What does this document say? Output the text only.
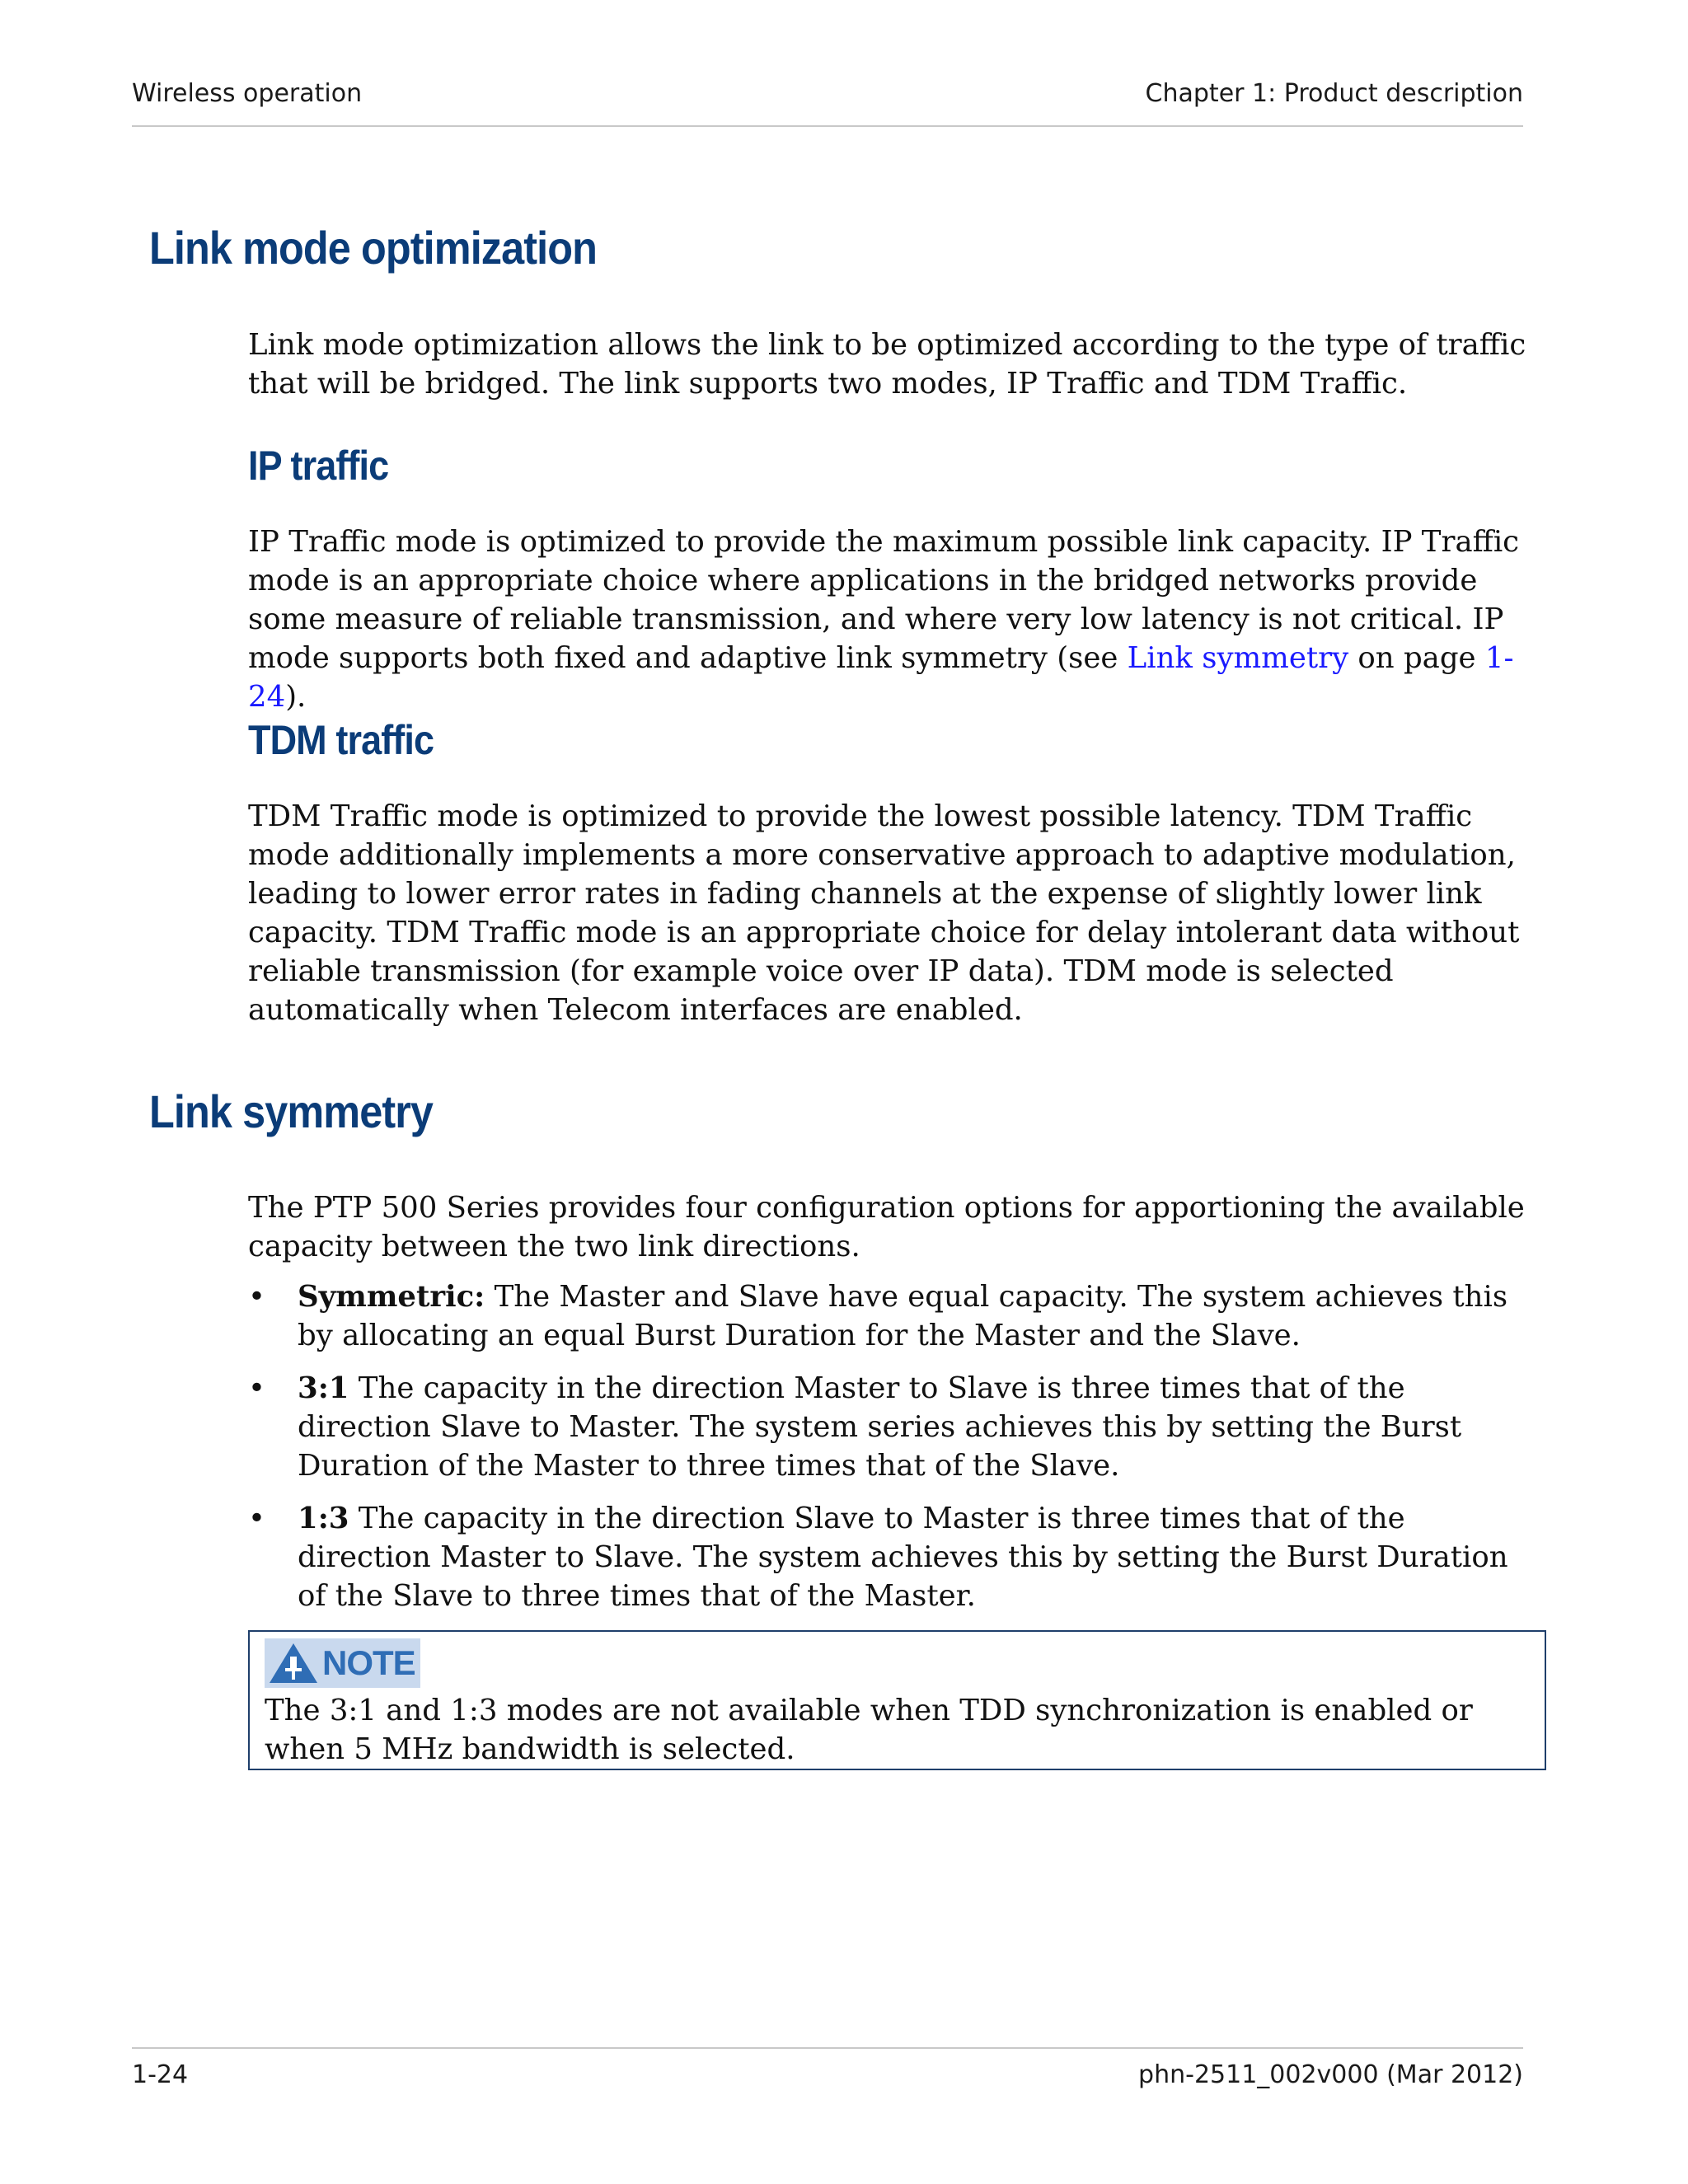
Wireless operation	Chapter 1: Product description
Link mode optimization

Link mode optimization allows the link to be optimized according to the type of traffic that will be bridged. The link supports two modes, IP Traffic and TDM Traffic.

IP traffic

IP Traffic mode is optimized to provide the maximum possible link capacity. IP Traffic mode is an appropriate choice where applications in the bridged networks provide some measure of reliable transmission, and where very low latency is not critical. IP mode supports both fixed and adaptive link symmetry (see Link symmetry on page 1-24).

TDM traffic

TDM Traffic mode is optimized to provide the lowest possible latency. TDM Traffic mode additionally implements a more conservative approach to adaptive modulation, leading to lower error rates in fading channels at the expense of slightly lower link capacity. TDM Traffic mode is an appropriate choice for delay intolerant data without reliable transmission (for example voice over IP data). TDM mode is selected automatically when Telecom interfaces are enabled.

Link symmetry

The PTP 500 Series provides four configuration options for apportioning the available capacity between the two link directions.

• Symmetric: The Master and Slave have equal capacity. The system achieves this by allocating an equal Burst Duration for the Master and the Slave.
• 3:1 The capacity in the direction Master to Slave is three times that of the direction Slave to Master. The system series achieves this by setting the Burst Duration of the Master to three times that of the Slave.
• 1:3 The capacity in the direction Slave to Master is three times that of the direction Master to Slave. The system achieves this by setting the Burst Duration of the Slave to three times that of the Master.
NOTE

The 3:1 and 1:3 modes are not available when TDD synchronization is enabled or when 5 MHz bandwidth is selected.

1-24	phn-2511_002v000 (Mar 2012)
